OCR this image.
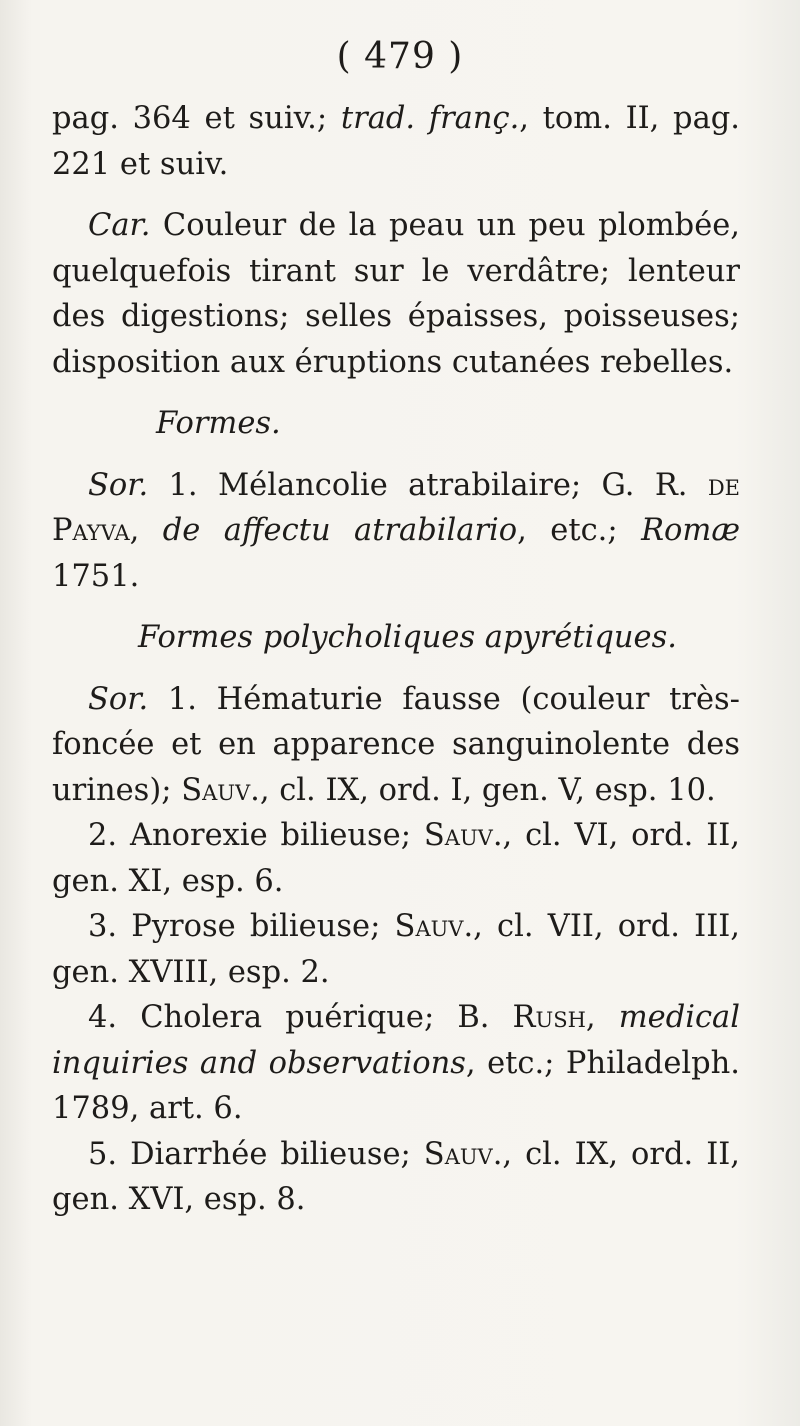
( 479 )

pag. 364 et suiv.; trad. franç., tom. II, pag. 221 et suiv.

Car. Couleur de la peau un peu plombée, quelquefois tirant sur le verdâtre; lenteur des digestions; selles épaisses, poisseuses; disposition aux éruptions cutanées rebelles.

Formes.

Sor. 1. Mélancolie atrabilaire; G. R. de Payva, de affectu atrabilario, etc.; Romæ 1751.

Formes polycholiques apyrétiques.

Sor. 1. Hématurie fausse (couleur très-foncée et en apparence sanguinolente des urines); Sauv., cl. IX, ord. I, gen. V, esp. 10.

2. Anorexie bilieuse; Sauv., cl. VI, ord. II, gen. XI, esp. 6.

3. Pyrose bilieuse; Sauv., cl. VII, ord. III, gen. XVIII, esp. 2.

4. Cholera puérique; B. Rush, medical inquiries and observations, etc.; Philadelph. 1789, art. 6.

5. Diarrhée bilieuse; Sauv., cl. IX, ord. II, gen. XVI, esp. 8.
